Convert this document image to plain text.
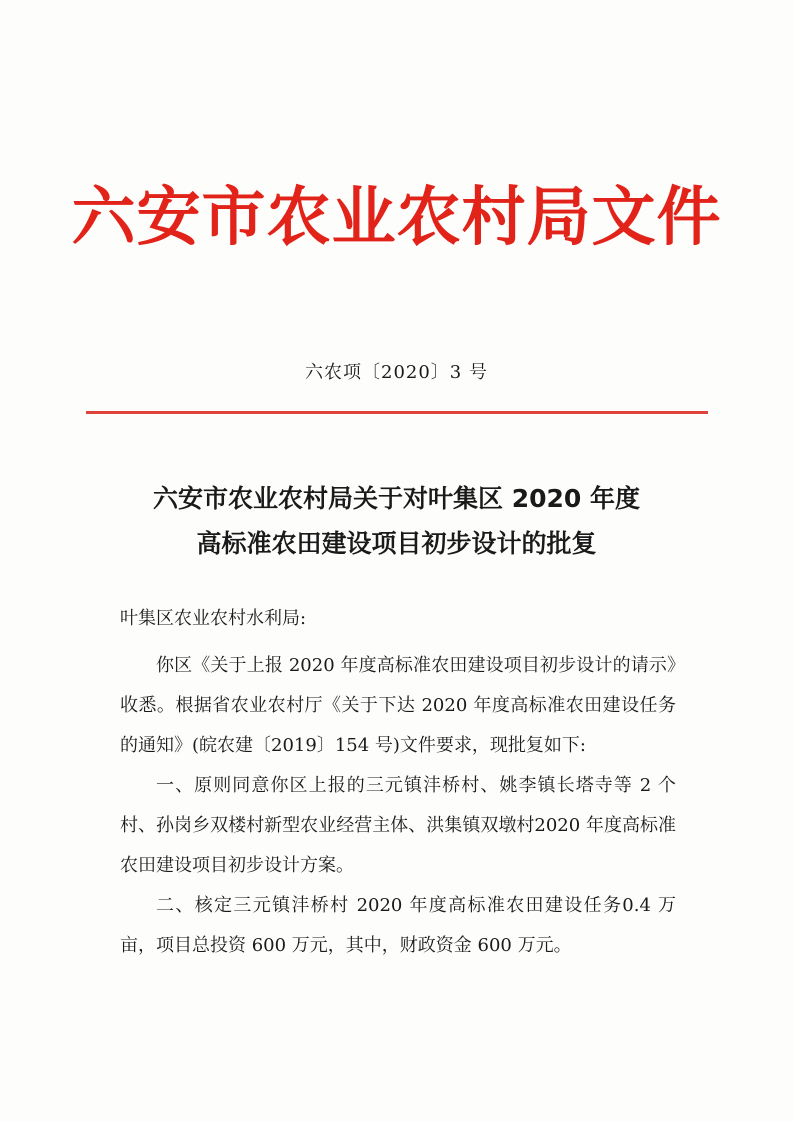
六安市农业农村局文件
六农项〔2020〕3 号
六安市农业农村局关于对叶集区 2020 年度
高标准农田建设项目初步设计的批复
叶集区农业农村水利局:

你区《关于上报 2020 年度高标准农田建设项目初步设计的请示》收悉。根据省农业农村厅《关于下达 2020 年度高标准农田建设任务的通知》(皖农建〔2019〕154 号)文件要求，现批复如下:

一、原则同意你区上报的三元镇沣桥村、姚李镇长塔寺等 2 个村、孙岗乡双楼村新型农业经营主体、洪集镇双墩村2020 年度高标准农田建设项目初步设计方案。

二、核定三元镇沣桥村 2020 年度高标准农田建设任务0.4 万亩，项目总投资 600 万元，其中，财政资金 600 万元。
